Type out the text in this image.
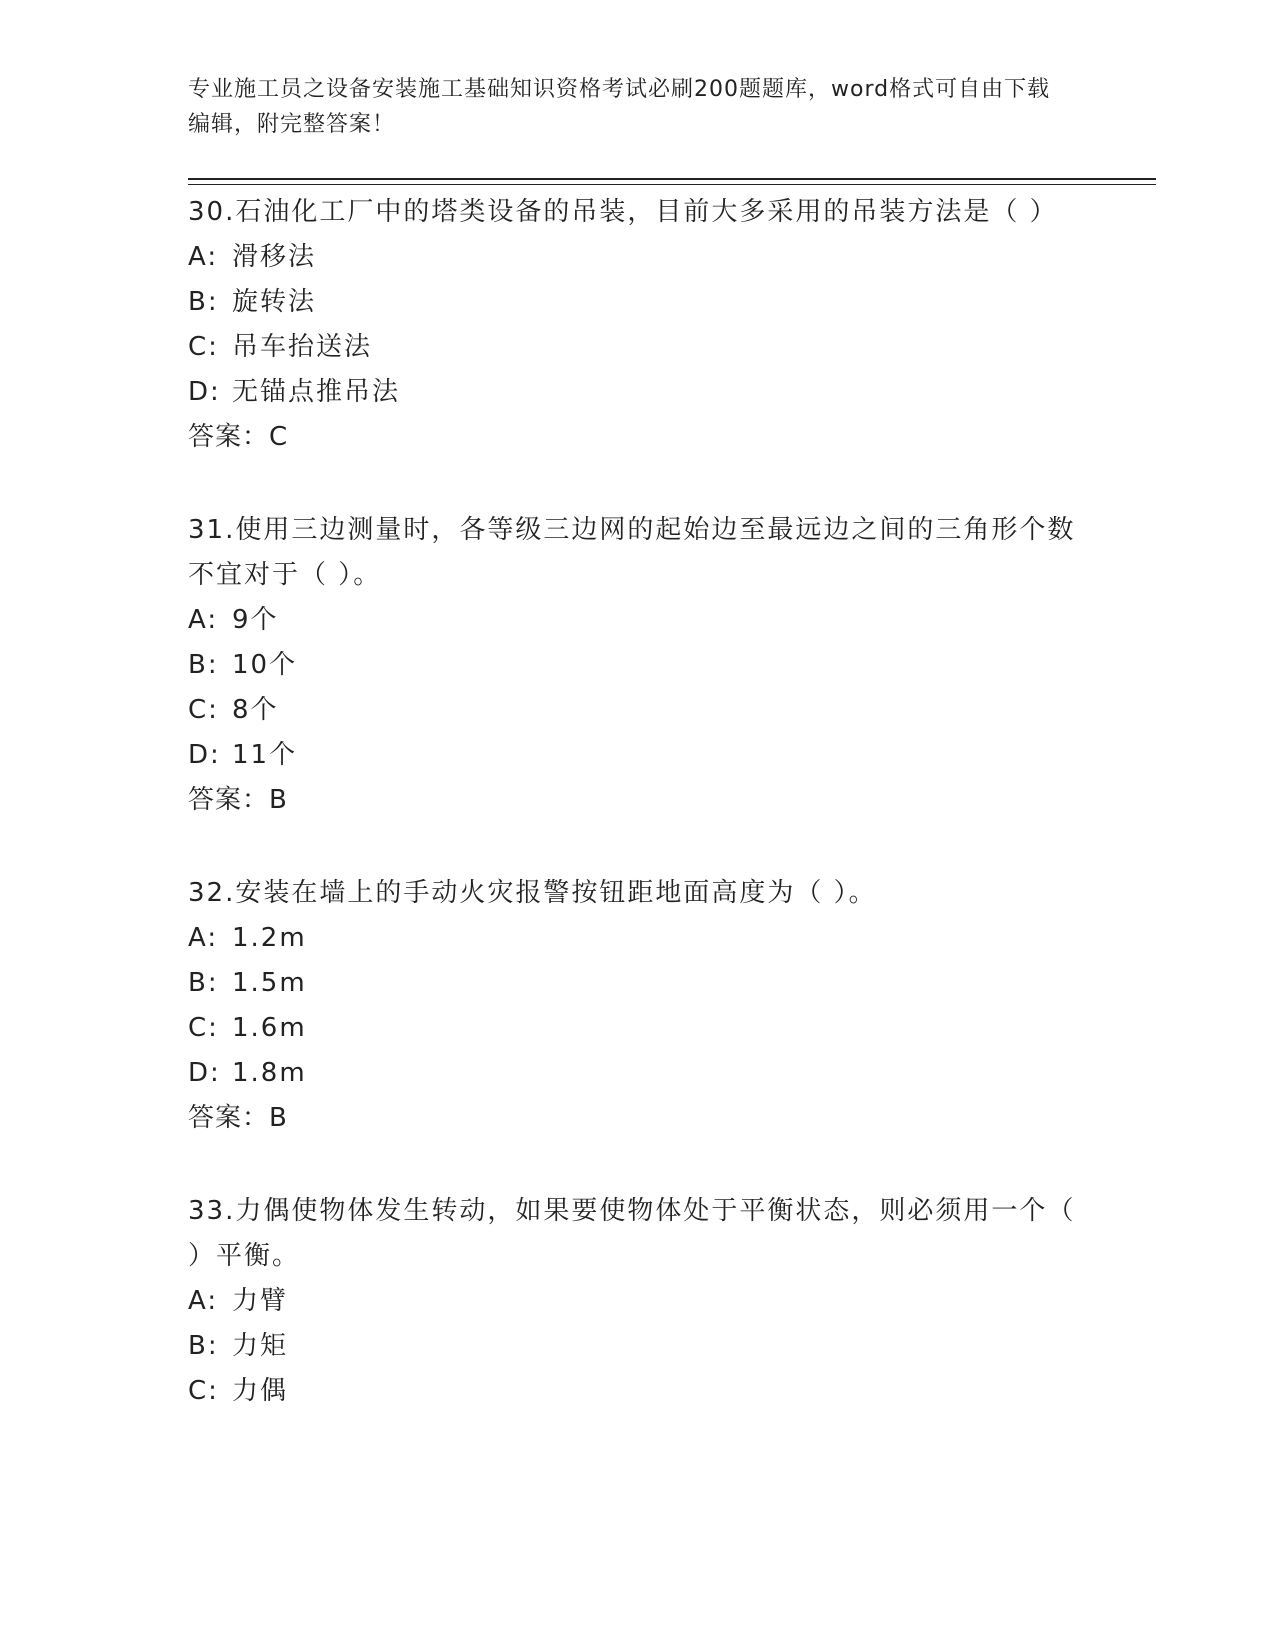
专业施工员之设备安装施工基础知识资格考试必刷200题题库，word格式可自由下载编辑，附完整答案！
30.石油化工厂中的塔类设备的吊装，目前大多采用的吊装方法是（ ）
A: 滑移法
B: 旋转法
C: 吊车抬送法
D: 无锚点推吊法
答案：C
31.使用三边测量时，各等级三边网的起始边至最远边之间的三角形个数不宜对于（ ）。
A: 9个
B: 10个
C: 8个
D: 11个
答案：B
32.安装在墙上的手动火灾报警按钮距地面高度为（ ）。
A: 1.2m
B: 1.5m
C: 1.6m
D: 1.8m
答案：B
33.力偶使物体发生转动，如果要使物体处于平衡状态，则必须用一个（ ）平衡。
A: 力臂
B: 力矩
C: 力偶
